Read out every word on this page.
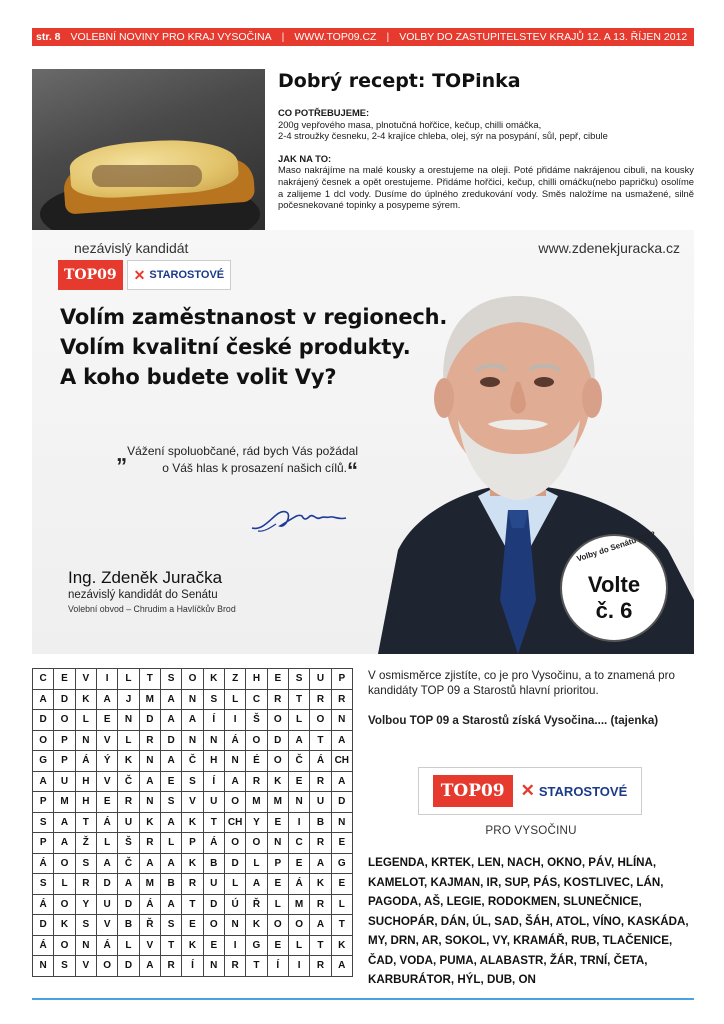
str. 8 VOLEBNÍ NOVINY PRO KRAJ VYSOČINA | WWW.TOP09.CZ | VOLBY DO ZASTUPITELSTEV KRAJŮ 12. A 13. ŘÍJEN 2012
Dobrý recept: TOPinka
CO POTŘEBUJEME:

200g vepřového masa, plnotučná hořčice, kečup, chilli omáčka,

2-4 stroužky česneku, 2-4 krajíce chleba, olej, sýr na posypání, sůl, pepř, cibule

JAK NA TO:

Maso nakrájíme na malé kousky a orestujeme na oleji. Poté přidáme nakrájenou cibuli, na kousky nakrájený česnek a opět orestujeme. Přidáme hořčici, kečup, chilli omáčku(nebo papričku) osolíme a zalijeme 1 dcl vody. Dusíme do úplného zredukování vody. Směs naložíme na usmažené, silně počesnekované topinky a posypeme sýrem.

nezávislý kandidát	www.zdenekjuracka.cz
TOP09	✕ STAROSTOVÉ
Volím zaměstnanost v regionech.
Volím kvalitní české produkty.
A koho budete volit Vy?
„Vážení spoluobčané, rád bych Vás požádal o Váš hlas k prosazení našich cílů.“
Ing. Zdeněk Juračka
nezávislý kandidát do Senátu
Volební obvod – Chrudim a Havlíčkův Brod
Volby do Senátu 2012
Volte
č. 6
C	E	V	I	L	T	S	O	K	Z	H	E	S	U	P
A	D	K	A	J	M	A	N	S	L	C	R	T	R	R
D	O	L	E	N	D	A	A	Í	I	Š	O	L	O	N
O	P	N	V	L	R	D	N	N	Á	O	D	A	T	A
G	P	Á	Ý	K	N	A	Č	H	N	É	O	Č	Á	CH
A	U	H	V	Č	A	E	S	Í	A	R	K	E	R	A
P	M	H	E	R	N	S	V	U	O	M	M	N	U	D
S	A	T	Á	U	K	A	K	T	CH	Y	E	I	B	N
P	A	Ž	L	Š	R	L	P	Á	O	O	N	C	R	E
Á	O	S	A	Č	A	A	K	B	D	L	P	E	A	G
S	L	R	D	A	M	B	R	U	L	A	E	Á	K	E
Á	O	Y	U	D	Á	A	T	D	Ú	Ř	L	M	R	L
D	K	S	V	B	Ř	S	E	O	N	K	O	O	A	T
Á	O	N	Á	L	V	T	K	E	I	G	E	L	T	K
N	S	V	O	D	A	R	Í	N	R	T	Í	I	R	A
V osmisměrce zjistíte, co je pro Vysočinu, a to znamená pro kandidáty TOP 09 a Starostů hlavní prioritou.
Volbou TOP 09 a Starostů získá Vysočina.... (tajenka)
TOP09 ✕ STAROSTOVÉ
PRO VYSOČINU
LEGENDA, KRTEK, LEN, NACH, OKNO, PÁV, HLÍNA, KAMELOT, KAJMAN, IR, SUP, PÁS, KOSTLIVEC, LÁN, PAGODA, AŠ, LEGIE, RODOKMEN, SLUNEČNICE, SUCHOPÁR, DÁN, ÚL, SAD, ŠÁH, ATOL, VÍNO, KASKÁDA, MY, DRN, AR, SOKOL, VY, KRAMÁŘ, RUB, TLAČENICE, ČAD, VODA, PUMA, ALABASTR, ŽÁR, TRNÍ, ČETA, KARBURÁTOR, HÝL, DUB, ON
